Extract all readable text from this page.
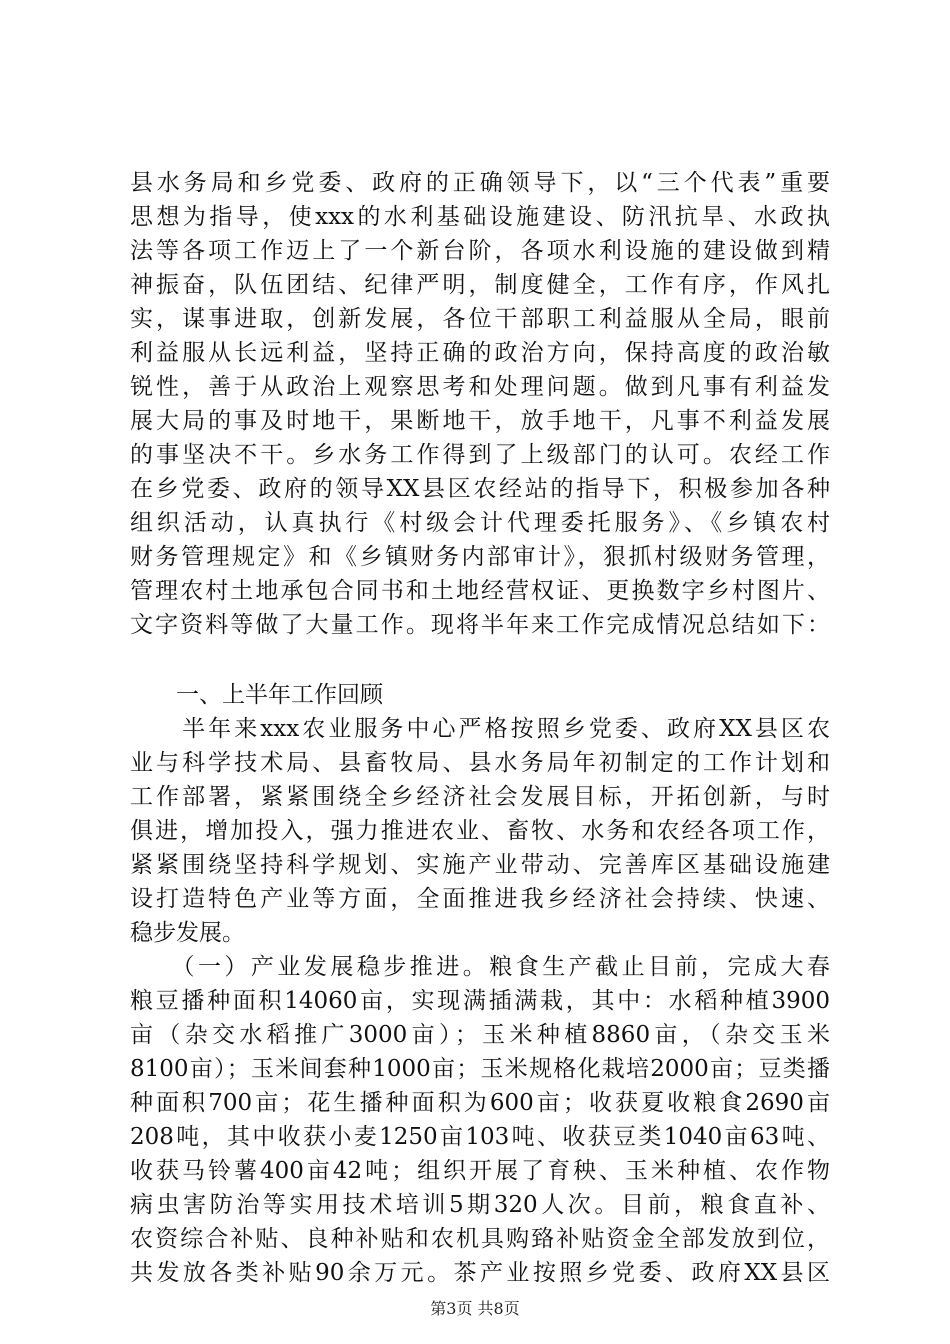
县水务局和乡党委、政府的正确领导下，以“三个代表”重要
思想为指导，使xxx的水利基础设施建设、防汛抗旱、水政执
法等各项工作迈上了一个新台阶，各项水利设施的建设做到精
神振奋，队伍团结、纪律严明，制度健全，工作有序，作风扎
实，谋事进取，创新发展，各位干部职工利益服从全局，眼前
利益服从长远利益，坚持正确的政治方向，保持高度的政治敏
锐性，善于从政治上观察思考和处理问题。做到凡事有利益发
展大局的事及时地干，果断地干，放手地干，凡事不利益发展
的事坚决不干。乡水务工作得到了上级部门的认可。农经工作
在乡党委、政府的领导XX县区农经站的指导下，积极参加各种
组织活动，认真执行《村级会计代理委托服务》、《乡镇农村
财务管理规定》和《乡镇财务内部审计》，狠抓村级财务管理，
管理农村土地承包合同书和土地经营权证、更换数字乡村图片、
文字资料等做了大量工作。现将半年来工作完成情况总结如下：
　　一、上半年工作回顾
　　半年来xxx农业服务中心严格按照乡党委、政府XX县区农
业与科学技术局、县畜牧局、县水务局年初制定的工作计划和
工作部署，紧紧围绕全乡经济社会发展目标，开拓创新，与时
俱进，增加投入，强力推进农业、畜牧、水务和农经各项工作，
紧紧围绕坚持科学规划、实施产业带动、完善库区基础设施建
设打造特色产业等方面，全面推进我乡经济社会持续、快速、
稳步发展。
　　（一）产业发展稳步推进。粮食生产截止目前，完成大春
粮豆播种面积14060亩，实现满插满栽，其中：水稻种植3900
亩（杂交水稻推广3000亩）；玉米种植8860亩，（杂交玉米
8100亩）；玉米间套种1000亩；玉米规格化栽培2000亩；豆类播
种面积700亩；花生播种面积为600亩；收获夏收粮食2690亩
208吨，其中收获小麦1250亩103吨、收获豆类1040亩63吨、
收获马铃薯400亩42吨；组织开展了育秧、玉米种植、农作物
病虫害防治等实用技术培训5期320人次。目前，粮食直补、
农资综合补贴、良种补贴和农机具购臵补贴资金全部发放到位，
共发放各类补贴90余万元。茶产业按照乡党委、政府XX县区
第3页 共8页
